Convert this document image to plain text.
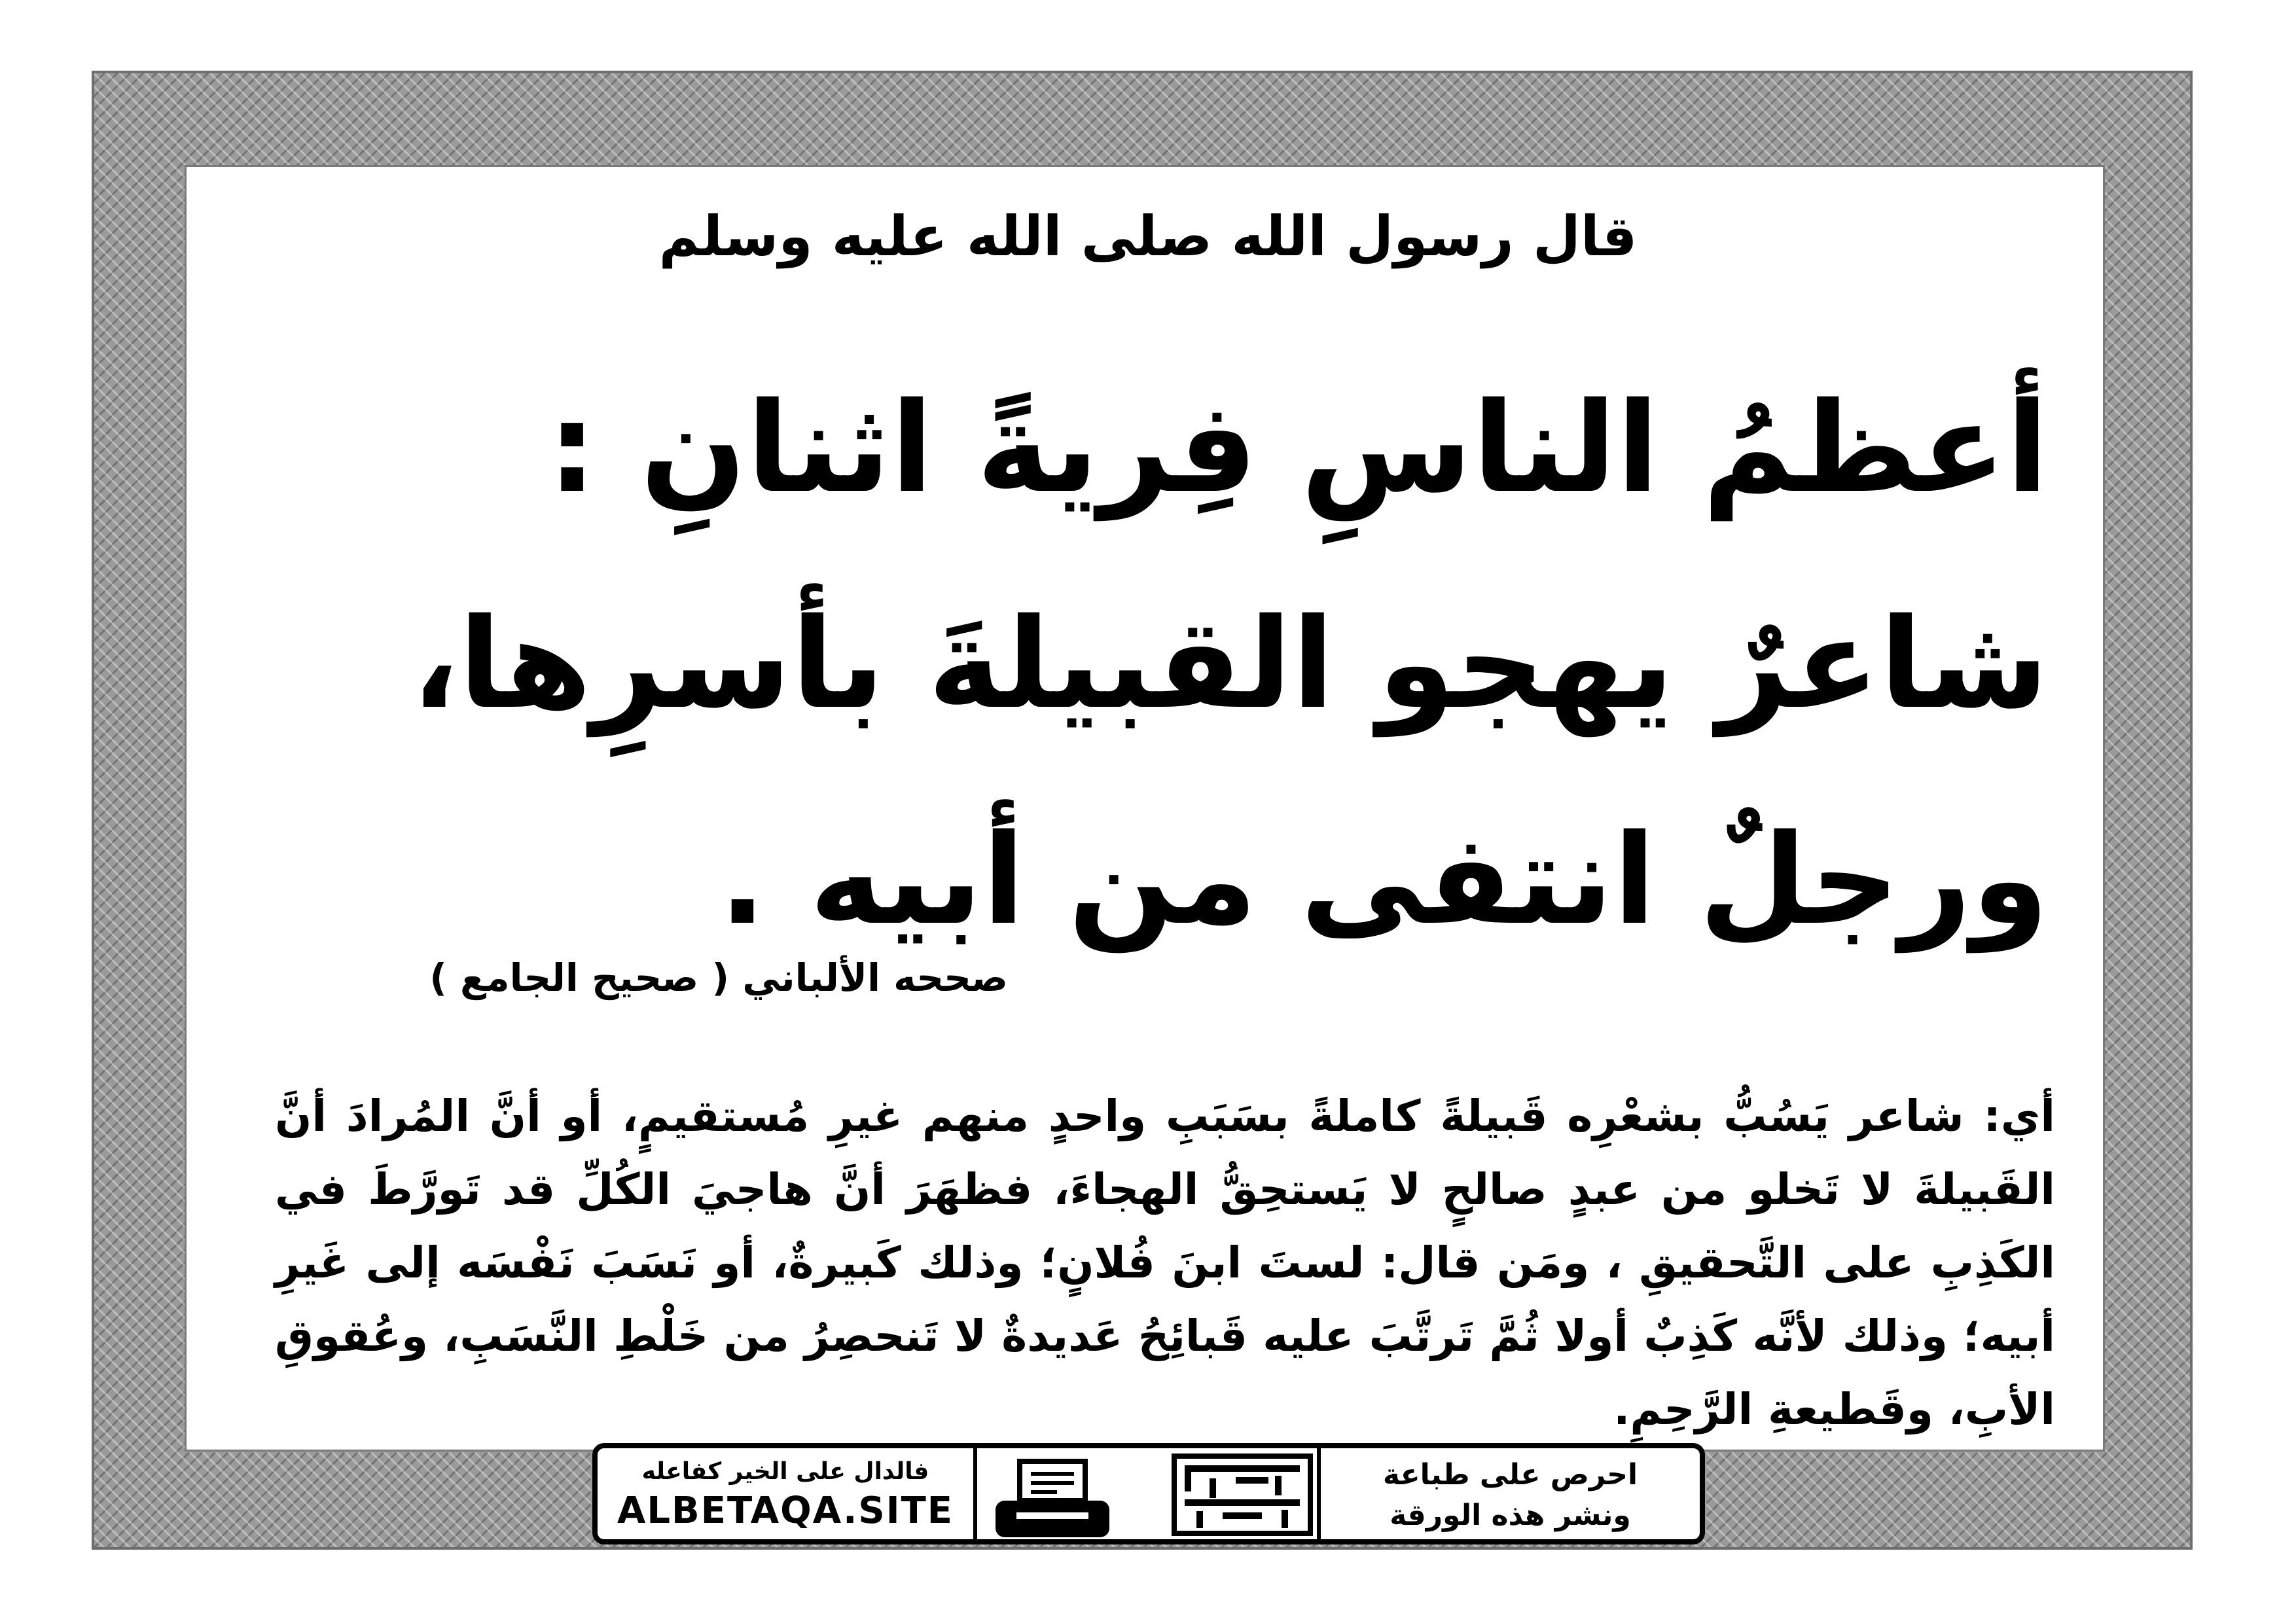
قال رسول الله صلى الله عليه وسلم
أعظمُ الناسِ فِريةً اثنانِ : شاعرٌ يهجو القبيلةَ بأسرِها، ورجلٌ انتفى من أبيه .
صححه الألباني ( صحيح الجامع )
أي: شاعر يَسُبُّ بشعْرِه قَبيلةً كاملةً بسَبَبِ واحدٍ منهم غيرِ مُستقيمٍ، أو أنَّ المُرادَ أنَّ القَبيلةَ لا تَخلو من عبدٍ صالحٍ لا يَستحِقُّ الهجاءَ، فظهَرَ أنَّ هاجيَ الكُلِّ قد تَورَّطَ في الكَذِبِ على التَّحقيقِ ، ومَن قال: لستَ ابنَ فُلانٍ؛ وذلك كَبيرةٌ، أو نَسَبَ نَفْسَه إلى غَيرِ أبيه؛ وذلك لأنَّه كَذِبٌ أولا ثُمَّ تَرتَّبَ عليه قَبائِحُ عَديدةٌ لا تَنحصِرُ من خَلْطِ النَّسَبِ، وعُقوقِ الأبِ، وقَطيعةِ الرَّحِمِ.
احرص على طباعة
ونشر هذه الورقة
فالدال على الخير كفاعله
ALBETAQA.SITE
